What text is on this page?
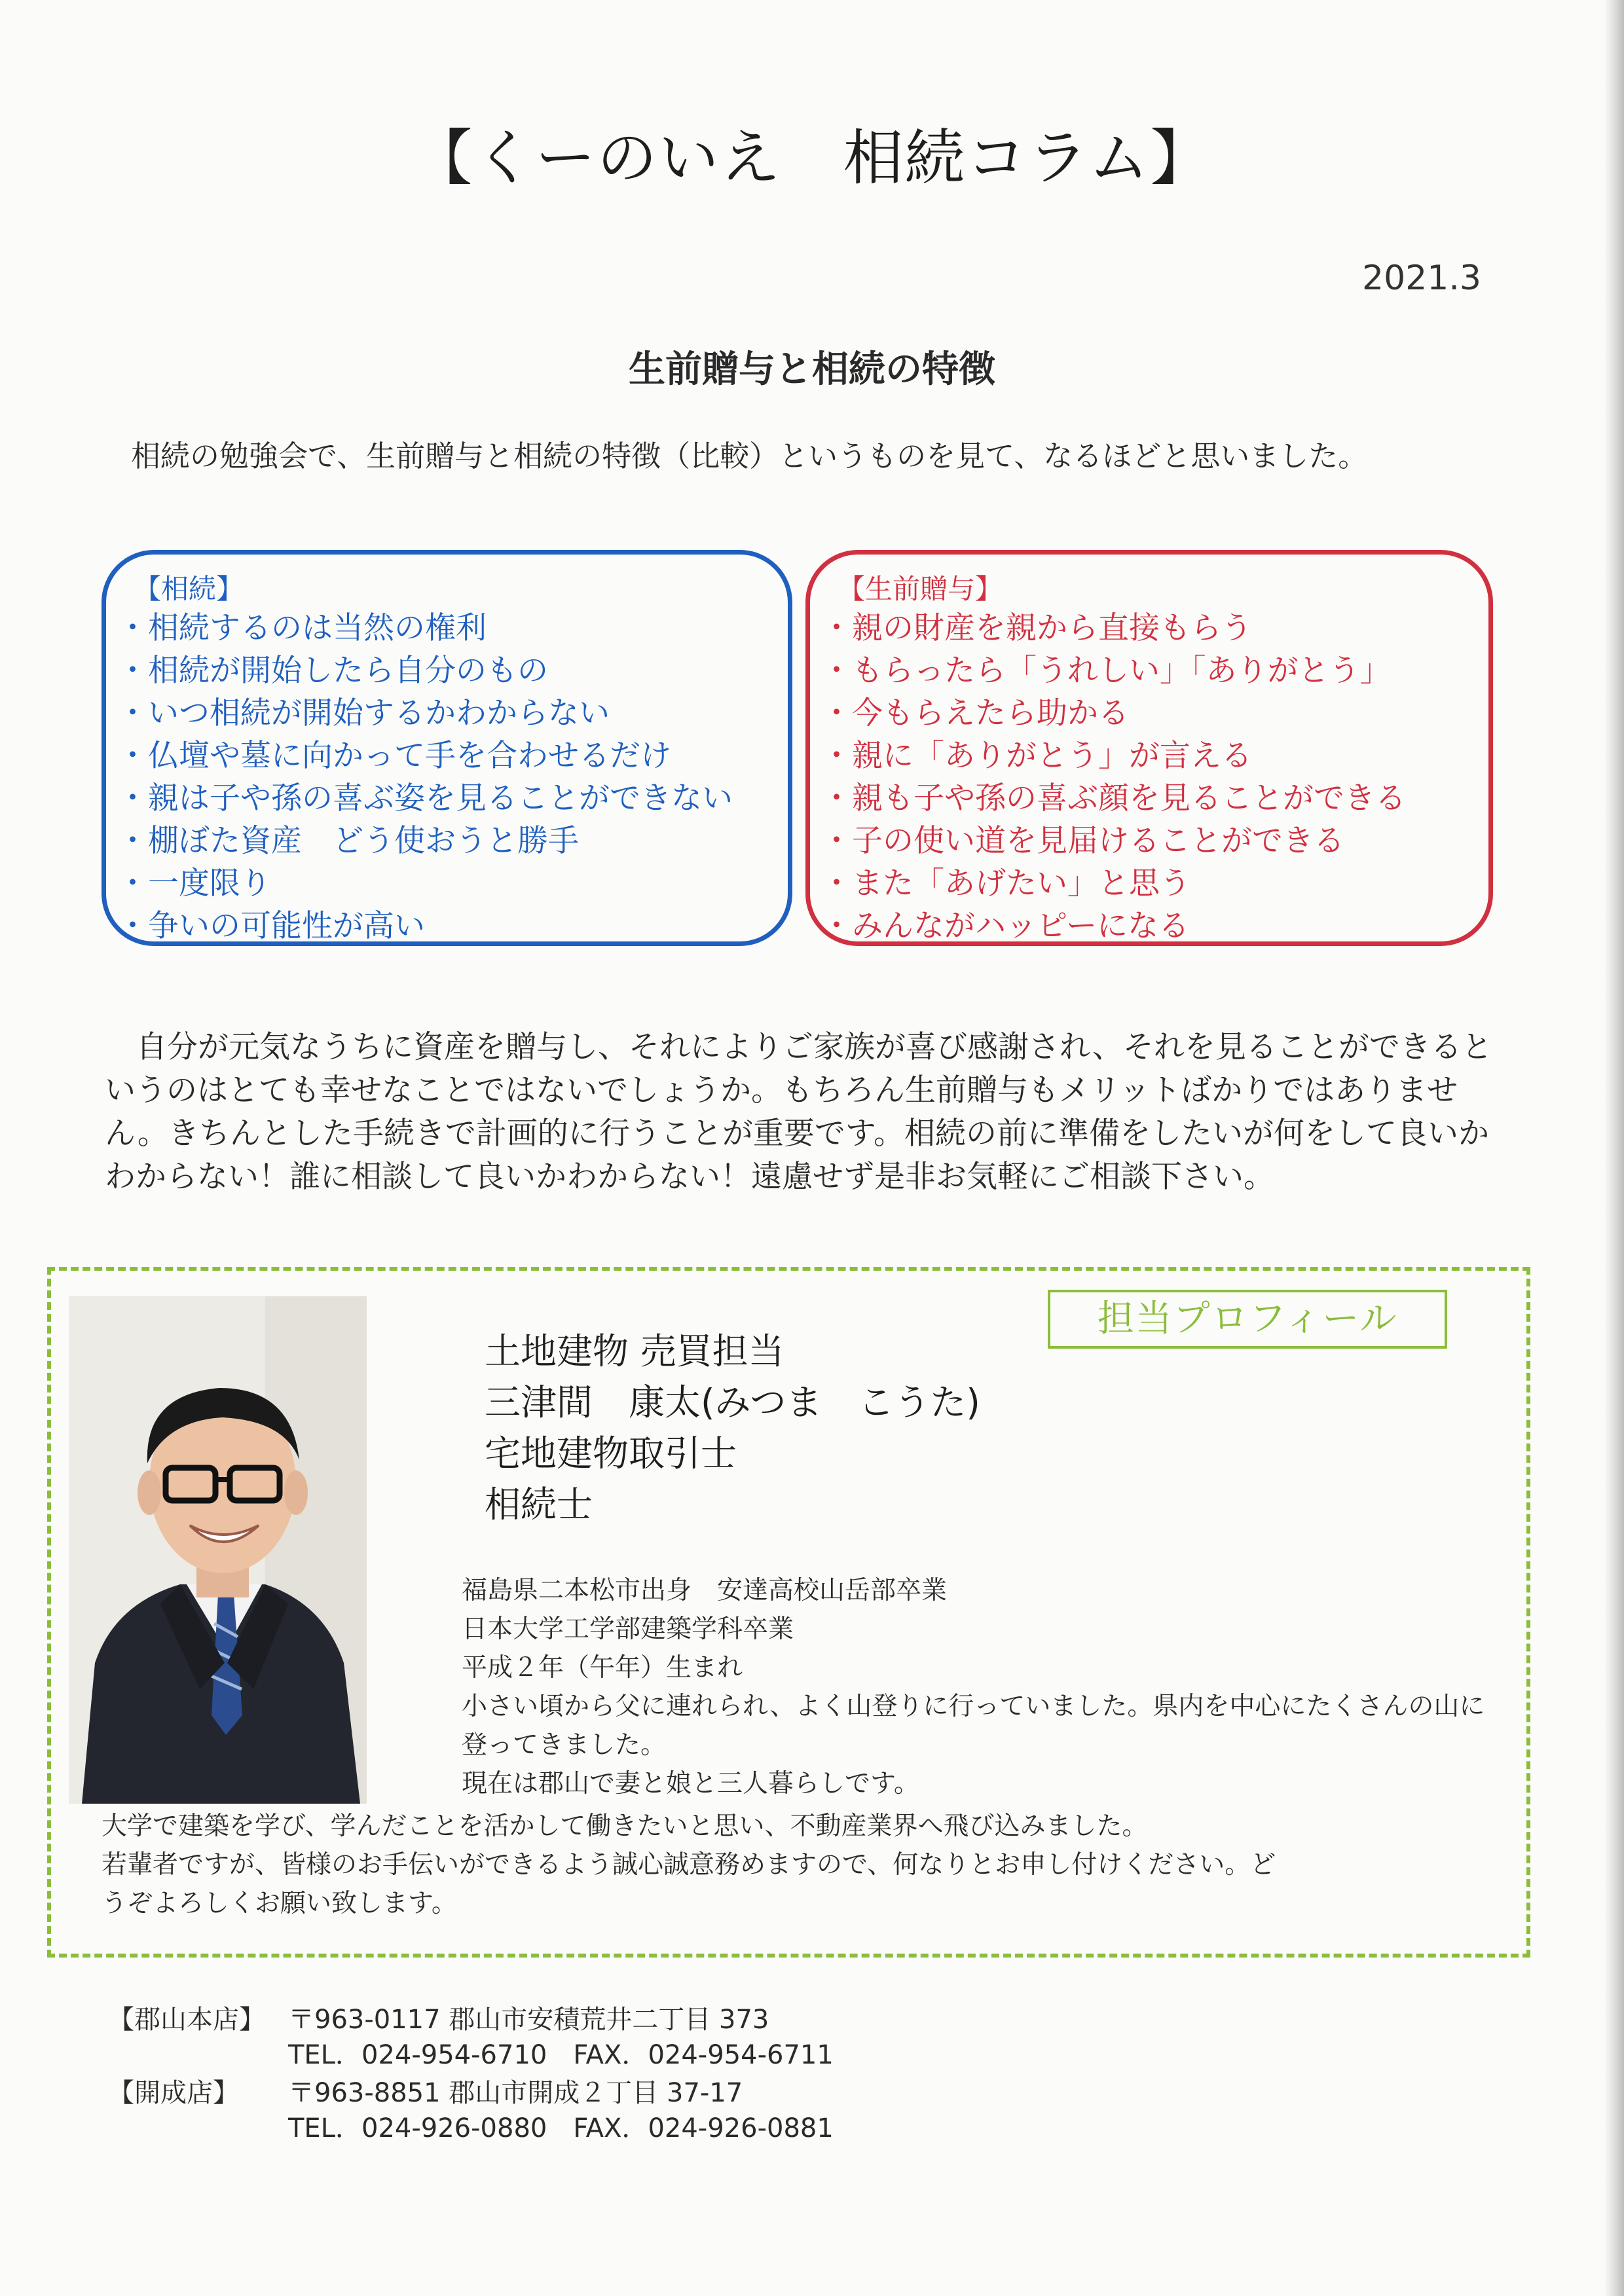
【くーのいえ　相続コラム】
2021.3
生前贈与と相続の特徴
相続の勉強会で、生前贈与と相続の特徴（比較）というものを見て、なるほどと思いました。
【相続】
・ 相続するのは当然の権利
・ 相続が開始したら自分のもの
・ いつ相続が開始するかわからない
・ 仏壇や墓に向かって手を合わせるだけ
・ 親は子や孫の喜ぶ姿を見ることができない
・ 棚ぼた資産　どう使おうと勝手
・ 一度限り
・ 争いの可能性が高い
【生前贈与】
・ 親の財産を親から直接もらう
・ もらったら「うれしい」「ありがとう」
・ 今もらえたら助かる
・ 親に「ありがとう」が言える
・ 親も子や孫の喜ぶ顔を見ることができる
・ 子の使い道を見届けることができる
・ また「あげたい」と思う
・ みんながハッピーになる
自分が元気なうちに資産を贈与し、それによりご家族が喜び感謝され、それを見ることができるというのはとても幸せなことではないでしょうか。もちろん生前贈与もメリットばかりではありません。きちんとした手続きで計画的に行うことが重要です。相続の前に準備をしたいが何をして良いかわからない！誰に相談して良いかわからない！遠慮せず是非お気軽にご相談下さい。
担当プロフィール
土地建物 売買担当
三津間　康太(みつま　こうた)
宅地建物取引士
相続士
福島県二本松市出身　安達高校山岳部卒業
日本大学工学部建築学科卒業
平成２年（午年）生まれ
小さい頃から父に連れられ、よく山登りに行っていました。県内を中心にたくさんの山に登ってきました。
現在は郡山で妻と娘と三人暮らしです。
大学で建築を学び、学んだことを活かして働きたいと思い、不動産業界へ飛び込みました。
若輩者ですが、皆様のお手伝いができるよう誠心誠意務めますので、何なりとお申し付けください。ど
うぞよろしくお願い致します。
【郡山本店】 〒963-0117 郡山市安積荒井二丁目 373
TEL．024-954-6710　FAX．024-954-6711
【開成店】	〒963-8851 郡山市開成２丁目 37-17
TEL．024-926-0880　FAX．024-926-0881
